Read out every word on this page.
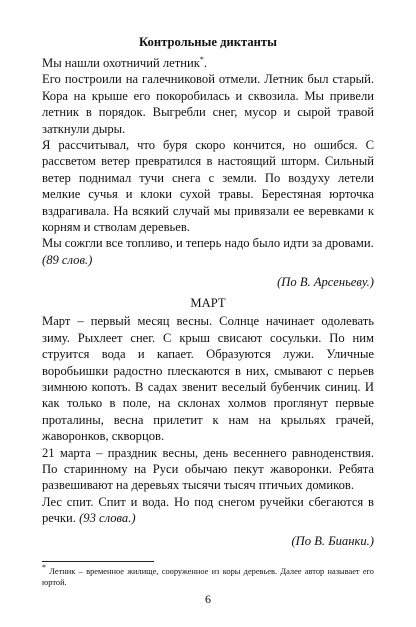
Контрольные диктанты

Мы нашли охотничий летник*.

Его построили на галечниковой отмели. Летник был старый. Кора на крыше его покоробилась и сквозила. Мы привели летник в порядок. Выгребли снег, мусор и сырой травой заткнули дыры.

Я рассчитывал, что буря скоро кончится, но ошибся. С рассветом ветер превратился в настоящий шторм. Сильный ветер поднимал тучи снега с земли. По воздуху летели мелкие сучья и клоки сухой травы. Берестяная юрточка вздрагивала. На всякий случай мы привязали ее веревками к корням и стволам деревьев.

Мы сожгли все топливо, и теперь надо было идти за дровами.

(89 слов.)

(По В. Арсеньеву.)
МАРТ

Март – первый месяц весны. Солнце начинает одолевать зиму. Рыхлеет снег. С крыш свисают сосульки. По ним струится вода и капает. Образуются лужи. Уличные воробьишки радостно плескаются в них, смывают с перьев зимнюю копоть. В садах звенит веселый бубенчик синиц. И как только в поле, на склонах холмов проглянут первые проталины, весна прилетит к нам на крыльях грачей, жаворонков, скворцов.

21 марта – праздник весны, день весеннего равноденствия. По старинному на Руси обычаю пекут жаворонки. Ребята развешивают на деревьях тысячи тысяч птичьих домиков.

Лес спит. Спит и вода. Но под снегом ручейки сбегаются в речки. (93 слова.)

(По В. Бианки.)
* Летник – временное жилище, сооруженное из коры деревьев. Далее автор называет его юртой.
6
